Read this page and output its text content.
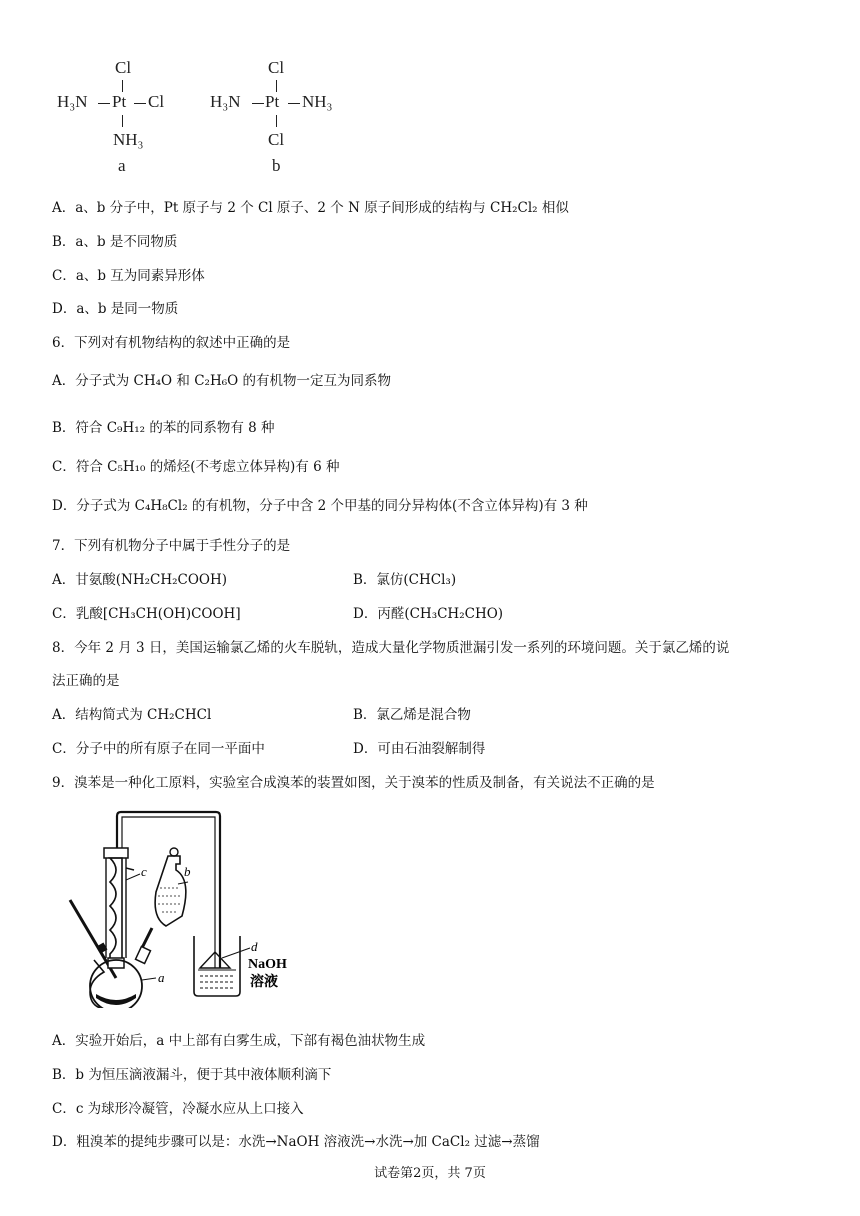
Cl
H₃N Pt Cl
NH₃
a
Cl
H₃N Pt NH₃
Cl
b
A．a、b 分子中，Pt 原子与 2 个 Cl 原子、2 个 N 原子间形成的结构与 CH₂Cl₂ 相似
B．a、b 是不同物质
C．a、b 互为同素异形体
D．a、b 是同一物质
6．下列对有机物结构的叙述中正确的是
A．分子式为 CH₄O 和 C₂H₆O 的有机物一定互为同系物
B．符合 C₉H₁₂ 的苯的同系物有 8 种
C．符合 C₅H₁₀ 的烯烃(不考虑立体异构)有 6 种
D．分子式为 C₄H₈Cl₂ 的有机物，分子中含 2 个甲基的同分异构体(不含立体异构)有 3 种
7．下列有机物分子中属于手性分子的是
A．甘氨酸(NH₂CH₂COOH)	B．氯仿(CHCl₃)
C．乳酸[CH₃CH(OH)COOH]	D．丙醛(CH₃CH₂CHO)
8．今年 2 月 3 日，美国运输氯乙烯的火车脱轨，造成大量化学物质泄漏引发一系列的环境问题。关于氯乙烯的说
法正确的是
A．结构简式为 CH₂CHCl	B．氯乙烯是混合物
C．分子中的所有原子在同一平面中	D．可由石油裂解制得
9．溴苯是一种化工原料，实验室合成溴苯的装置如图，关于溴苯的性质及制备，有关说法不正确的是
c	b
a
d
NaOH
溶液
A．实验开始后，a 中上部有白雾生成，下部有褐色油状物生成
B．b 为恒压滴液漏斗，便于其中液体顺利滴下
C．c 为球形冷凝管，冷凝水应从上口接入
D．粗溴苯的提纯步骤可以是：水洗→NaOH 溶液洗→水洗→加 CaCl₂ 过滤→蒸馏
试卷第2页，共 7页
